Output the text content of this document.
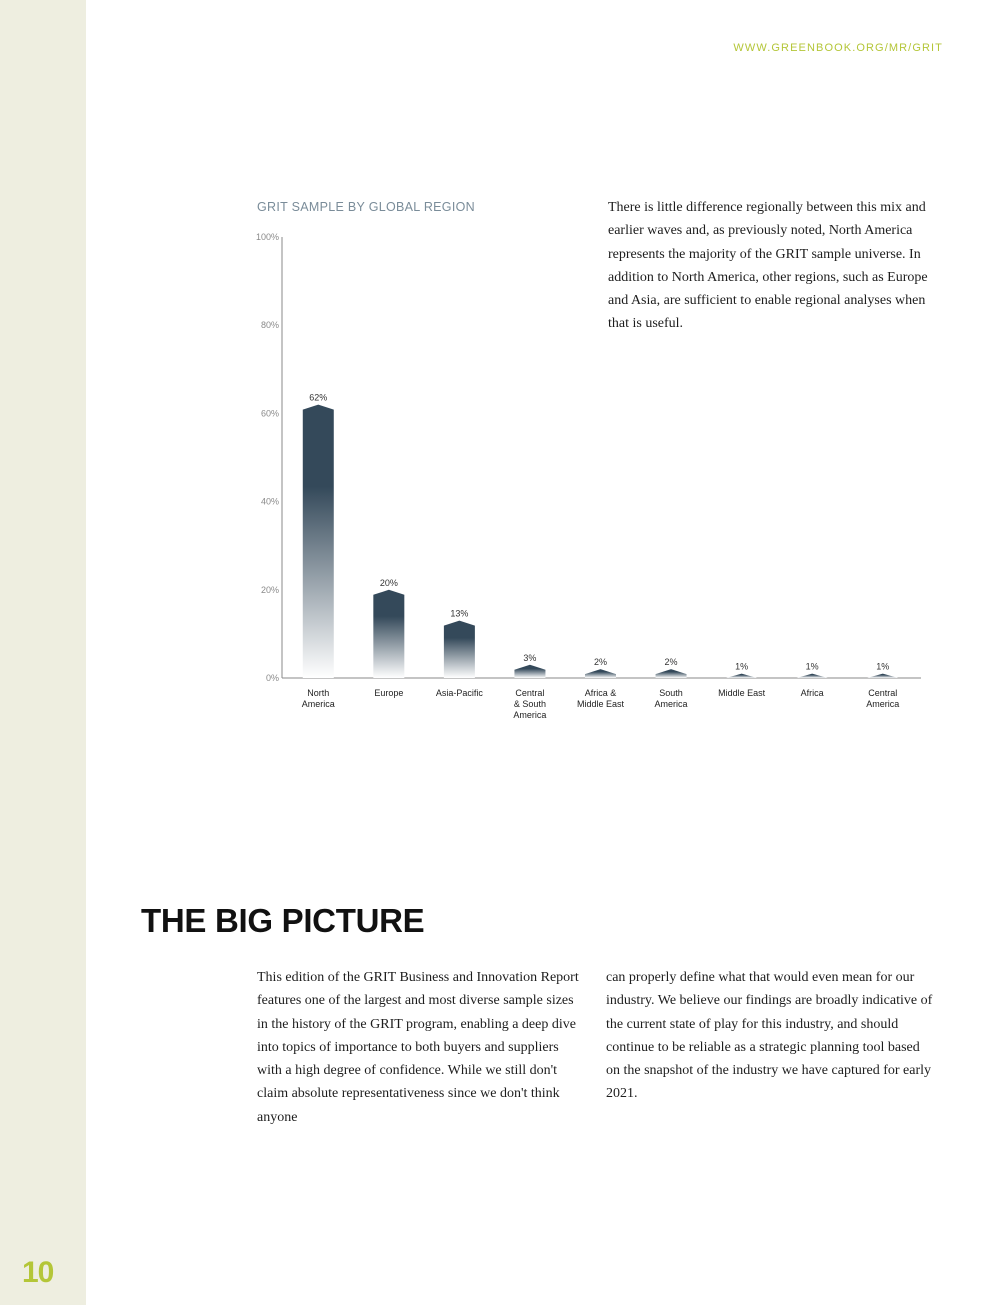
10
WWW.GREENBOOK.ORG/MR/GRIT
GRIT SAMPLE BY GLOBAL REGION
0%
20%
40%
60%
80%
100%
62%
North
America
20%
Europe
13%
Asia-Pacific
3%
Central
& South
America
2%
Africa &
Middle East
2%
South
America
1%
Middle East
1%
Africa
1%
Central
America
There is little difference regionally between this mix and earlier waves and, as previously noted, North America represents the majority of the GRIT sample universe. In addition to North America, other regions, such as Europe and Asia, are sufficient to enable regional analyses when that is useful.
THE BIG PICTURE
This edition of the GRIT Business and Innovation Report features one of the largest and most diverse sample sizes in the history of the GRIT program, enabling a deep dive into topics of importance to both buyers and suppliers with a high degree of confidence. While we still don't claim absolute representativeness since we don't think anyone
can properly define what that would even mean for our industry. We believe our findings are broadly indicative of the current state of play for this industry, and should continue to be reliable as a strategic planning tool based on the snapshot of the industry we have captured for early 2021.
